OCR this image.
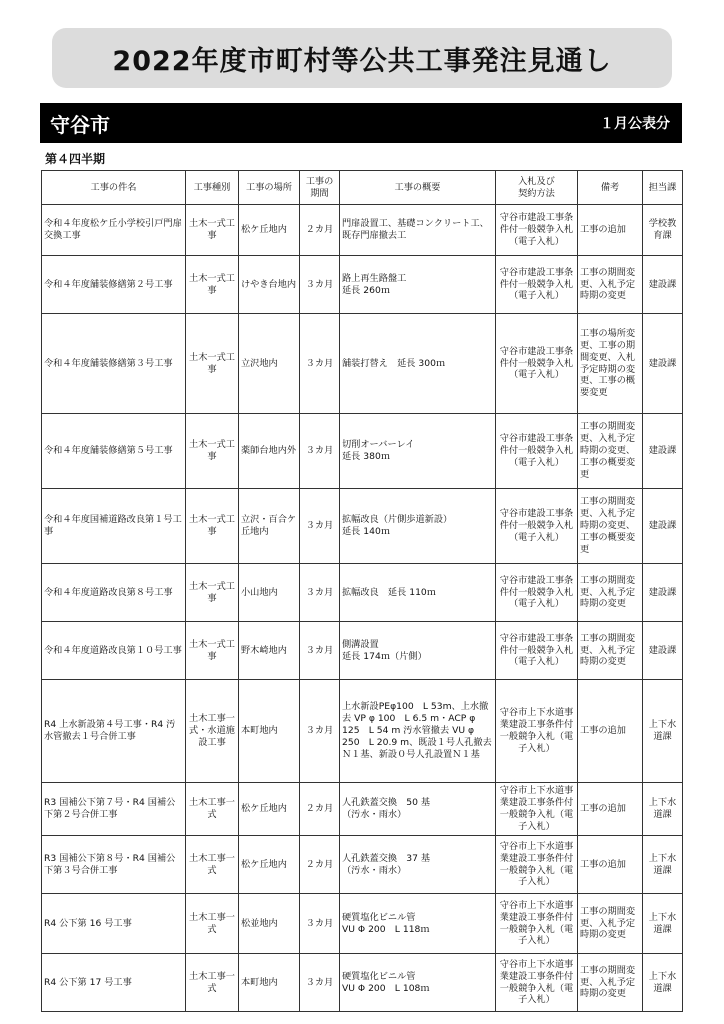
2022年度市町村等公共工事発注見通し
守谷市	１月公表分
第４四半期
工事の件名	工事種別	工事の場所	工事の
期間	工事の概要	入札及び
契約方法	備考	担当課
令和４年度松ケ丘小学校引戸門扉交換工事	土木一式工事	松ケ丘地内	２カ月	門扉設置工、基礎コンクリート工、既存門扉撤去工	守谷市建設工事条件付一般競争入札（電子入札）	工事の追加	学校教育課
令和４年度舗装修繕第２号工事	土木一式工事	けやき台地内	３カ月	路上再生路盤工
延長 260ｍ	守谷市建設工事条件付一般競争入札（電子入札）	工事の期間変更、入札予定時期の変更	建設課
令和４年度舗装修繕第３号工事	土木一式工事	立沢地内	３カ月	舗装打替え　延長 300ｍ	守谷市建設工事条件付一般競争入札（電子入札）	工事の場所変更、工事の期間変更、入札予定時期の変更、工事の概要変更	建設課
令和４年度舗装修繕第５号工事	土木一式工事	薬師台地内外	３カ月	切削オーバーレイ
延長 380ｍ	守谷市建設工事条件付一般競争入札（電子入札）	工事の期間変更、入札予定時期の変更、工事の概要変更	建設課
令和４年度国補道路改良第１号工事	土木一式工事	立沢・百合ケ丘地内	３カ月	拡幅改良（片側歩道新設）
延長 140ｍ	守谷市建設工事条件付一般競争入札（電子入札）	工事の期間変更、入札予定時期の変更、工事の概要変更	建設課
令和４年度道路改良第８号工事	土木一式工事	小山地内	３カ月	拡幅改良　延長 110ｍ	守谷市建設工事条件付一般競争入札（電子入札）	工事の期間変更、入札予定時期の変更	建設課
令和４年度道路改良第１０号工事	土木一式工事	野木崎地内	３カ月	側溝設置
延長 174ｍ（片側）	守谷市建設工事条件付一般競争入札（電子入札）	工事の期間変更、入札予定時期の変更	建設課
R4 上水新設第４号工事・R4 汚水管撤去１号合併工事	土木工事一式・水道施設工事	本町地内	３カ月	上水新設PEφ100　L 53m、上水撤去 VP φ 100　L 6.5 m・ACP φ 125　L 54 m 汚水管撤去 VU φ 250　L 20.9 m、既設１号人孔撤去Ｎ１基、新設０号人孔設置Ｎ１基	守谷市上下水道事業建設工事条件付一般競争入札（電子入札）	工事の追加	上下水道課
R3 国補公下第７号・R4 国補公下第２号合併工事	土木工事一式	松ケ丘地内	２カ月	人孔鉄蓋交換　50 基
（汚水・雨水）	守谷市上下水道事業建設工事条件付一般競争入札（電子入札）	工事の追加	上下水道課
R3 国補公下第８号・R4 国補公下第３号合併工事	土木工事一式	松ケ丘地内	２カ月	人孔鉄蓋交換　37 基
（汚水・雨水）	守谷市上下水道事業建設工事条件付一般競争入札（電子入札）	工事の追加	上下水道課
R4 公下第 16 号工事	土木工事一式	松並地内	３カ月	硬質塩化ビニル管
VU Φ 200　L 118ｍ	守谷市上下水道事業建設工事条件付一般競争入札（電子入札）	工事の期間変更、入札予定時期の変更	上下水道課
R4 公下第 17 号工事	土木工事一式	本町地内	３カ月	硬質塩化ビニル管
VU Φ 200　L 108ｍ	守谷市上下水道事業建設工事条件付一般競争入札（電子入札）	工事の期間変更、入札予定時期の変更	上下水道課
